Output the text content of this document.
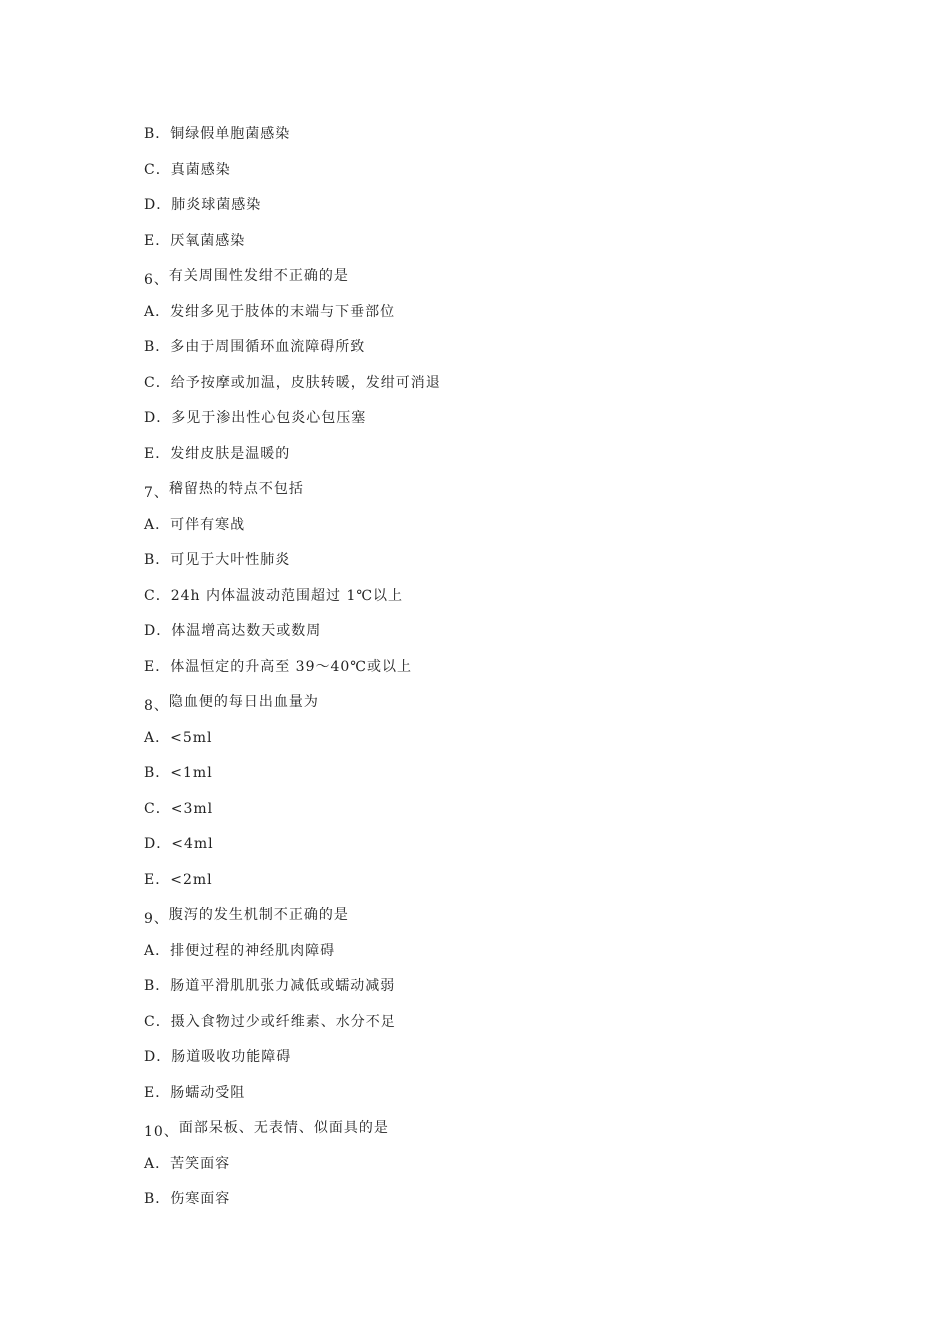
B．铜绿假单胞菌感染
C．真菌感染
D．肺炎球菌感染
E．厌氧菌感染
6、有关周围性发绀不正确的是
A．发绀多见于肢体的末端与下垂部位
B．多由于周围循环血流障碍所致
C．给予按摩或加温，皮肤转暖，发绀可消退
D．多见于渗出性心包炎心包压塞
E．发绀皮肤是温暖的
7、稽留热的特点不包括
A．可伴有寒战
B．可见于大叶性肺炎
C．24h 内体温波动范围超过 1℃以上
D．体温增高达数天或数周
E．体温恒定的升高至 39～40℃或以上
8、隐血便的每日出血量为
A．<5ml
B．<1ml
C．<3ml
D．<4ml
E．<2ml
9、腹泻的发生机制不正确的是
A．排便过程的神经肌肉障碍
B．肠道平滑肌肌张力减低或蠕动减弱
C．摄入食物过少或纤维素、水分不足
D．肠道吸收功能障碍
E．肠蠕动受阻
10、面部呆板、无表情、似面具的是
A．苦笑面容
B．伤寒面容
